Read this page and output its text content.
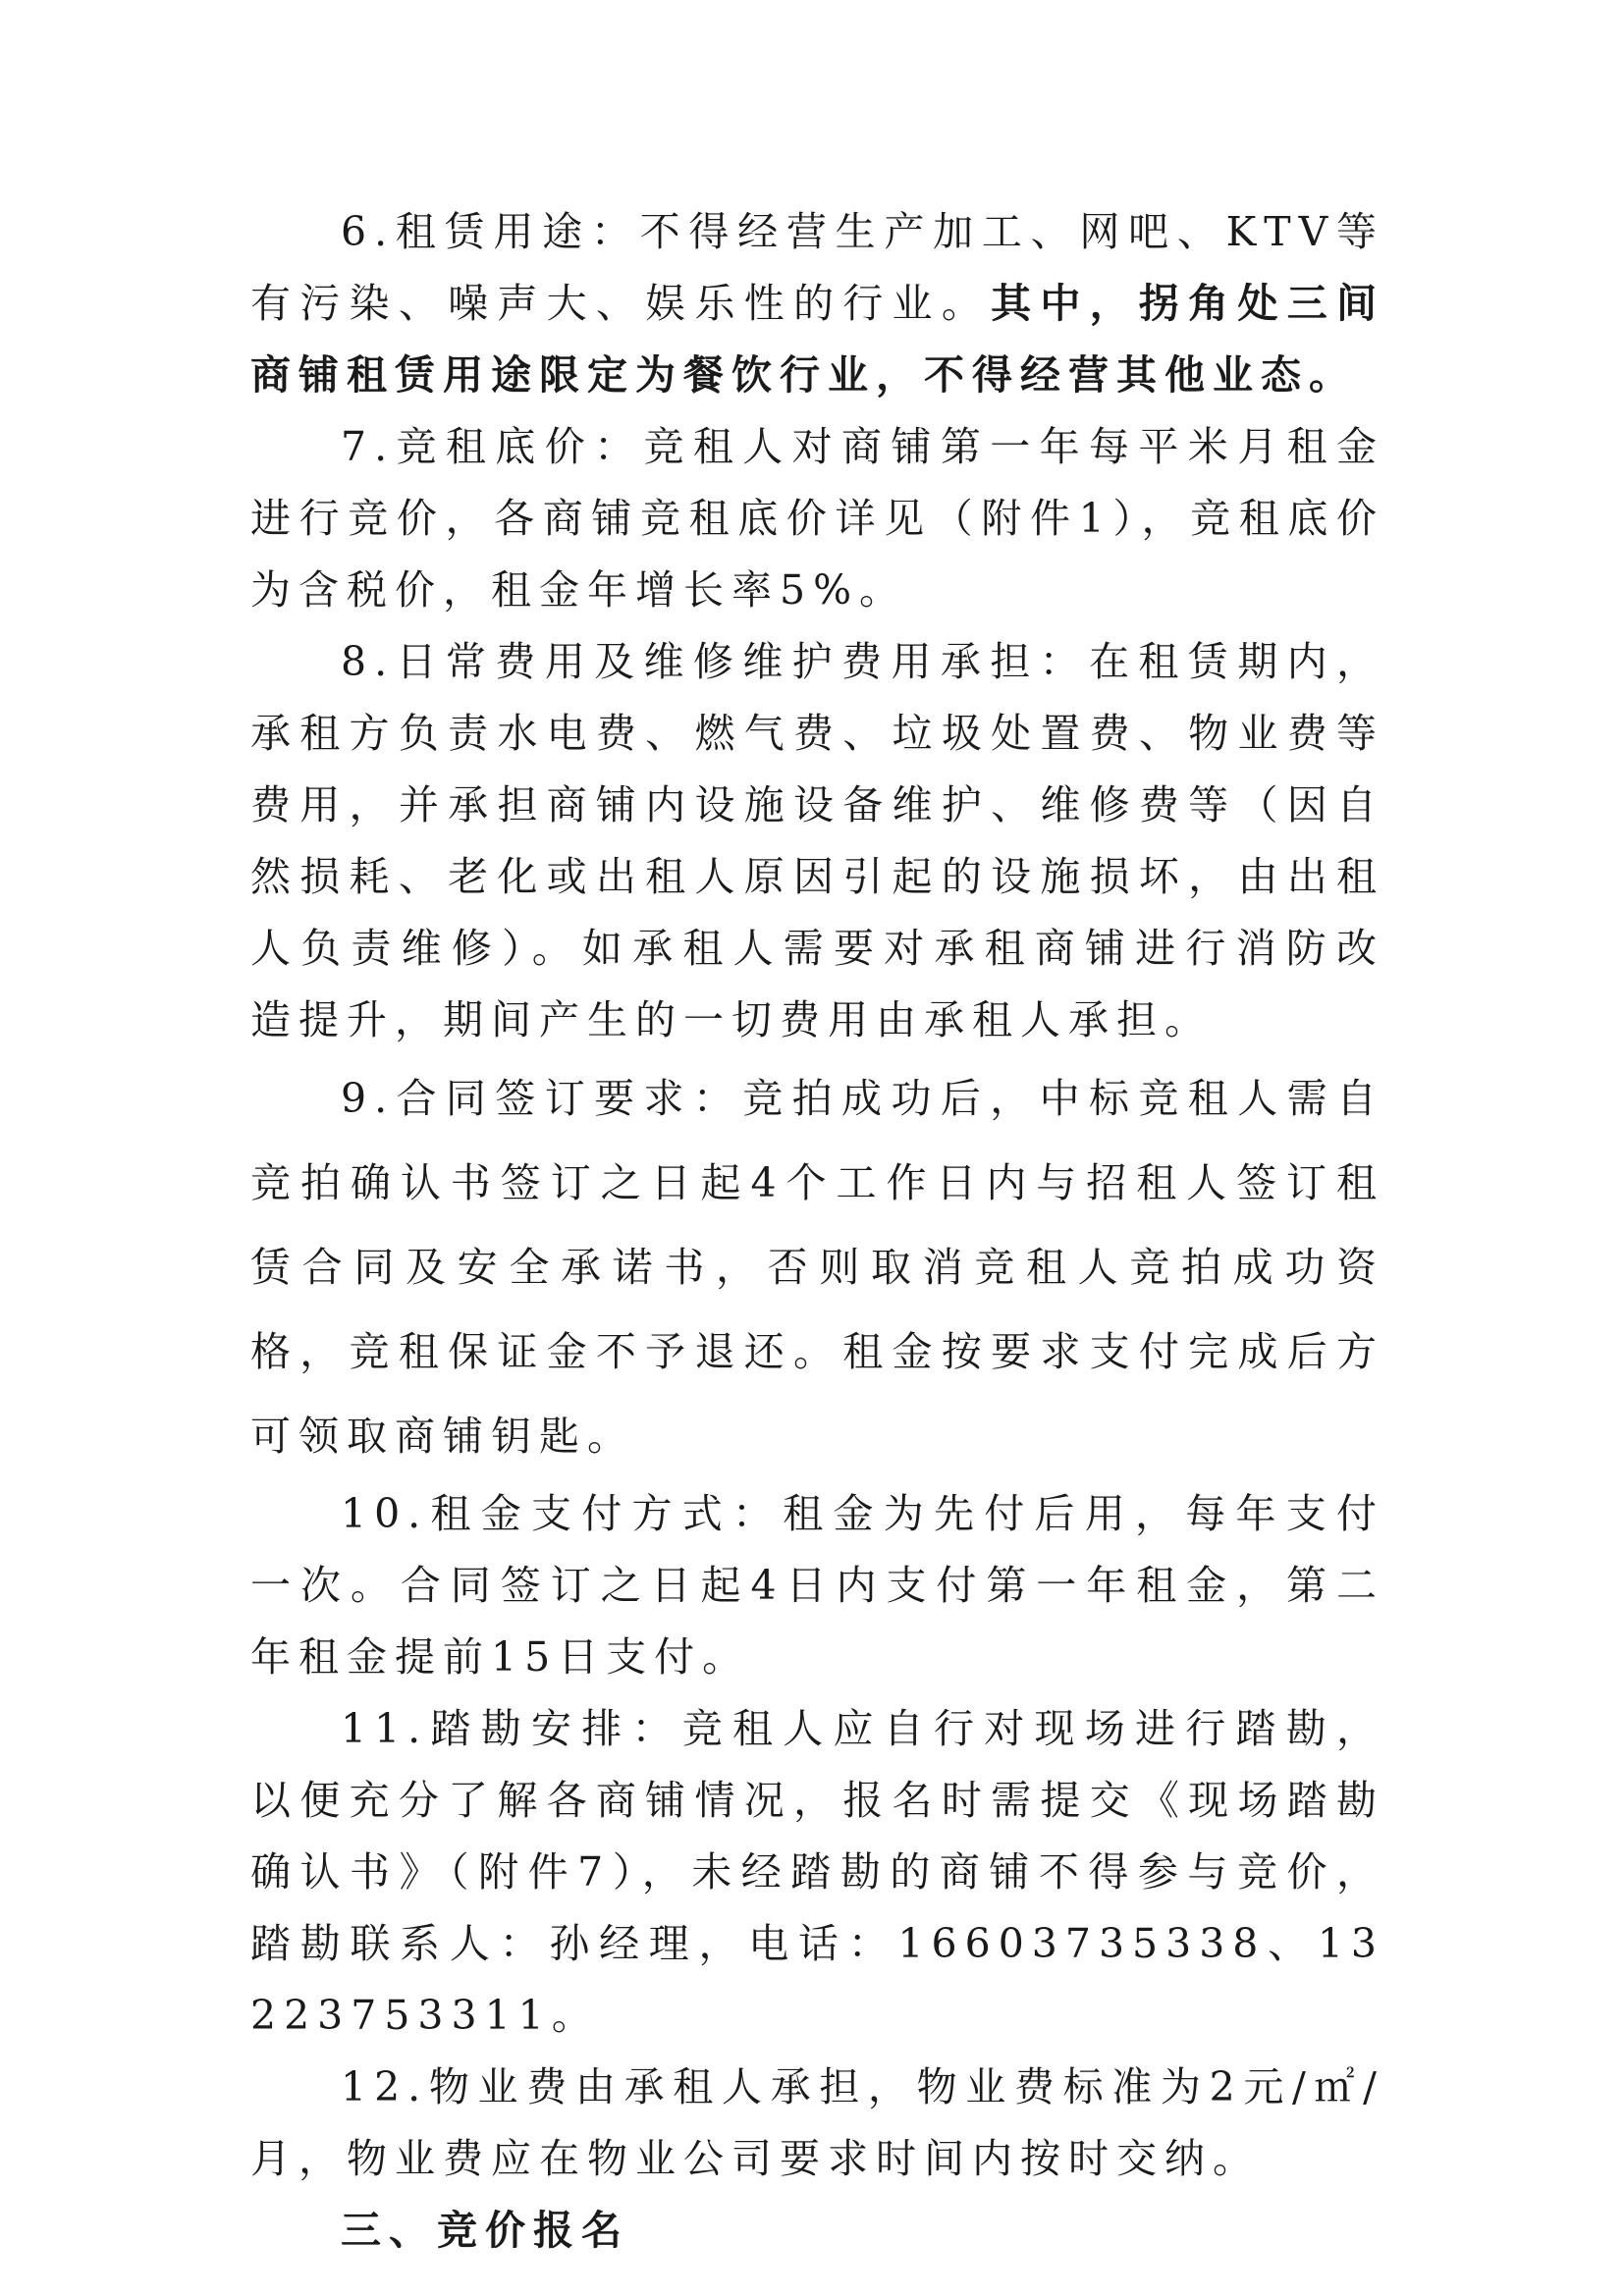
6.租赁用途：不得经营生产加工、网吧、KTV等有污染、噪声大、娱乐性的行业。其中，拐角处三间商铺租赁用途限定为餐饮行业，不得经营其他业态。

7.竞租底价：竞租人对商铺第一年每平米月租金进行竞价，各商铺竞租底价详见（附件1），竞租底价为含税价，租金年增长率5%。

8.日常费用及维修维护费用承担：在租赁期内，承租方负责水电费、燃气费、垃圾处置费、物业费等费用，并承担商铺内设施设备维护、维修费等（因自然损耗、老化或出租人原因引起的设施损坏，由出租人负责维修）。如承租人需要对承租商铺进行消防改造提升，期间产生的一切费用由承租人承担。

9.合同签订要求：竞拍成功后，中标竞租人需自竞拍确认书签订之日起4个工作日内与招租人签订租赁合同及安全承诺书，否则取消竞租人竞拍成功资格，竞租保证金不予退还。租金按要求支付完成后方可领取商铺钥匙。

10.租金支付方式：租金为先付后用，每年支付一次。合同签订之日起4日内支付第一年租金，第二年租金提前15日支付。

11.踏勘安排：竞租人应自行对现场进行踏勘，以便充分了解各商铺情况，报名时需提交《现场踏勘确认书》（附件7），未经踏勘的商铺不得参与竞价，踏勘联系人：孙经理，电话：16603735338、13223753311。

12.物业费由承租人承担，物业费标准为2元/㎡/月，物业费应在物业公司要求时间内按时交纳。

三、竞价报名
